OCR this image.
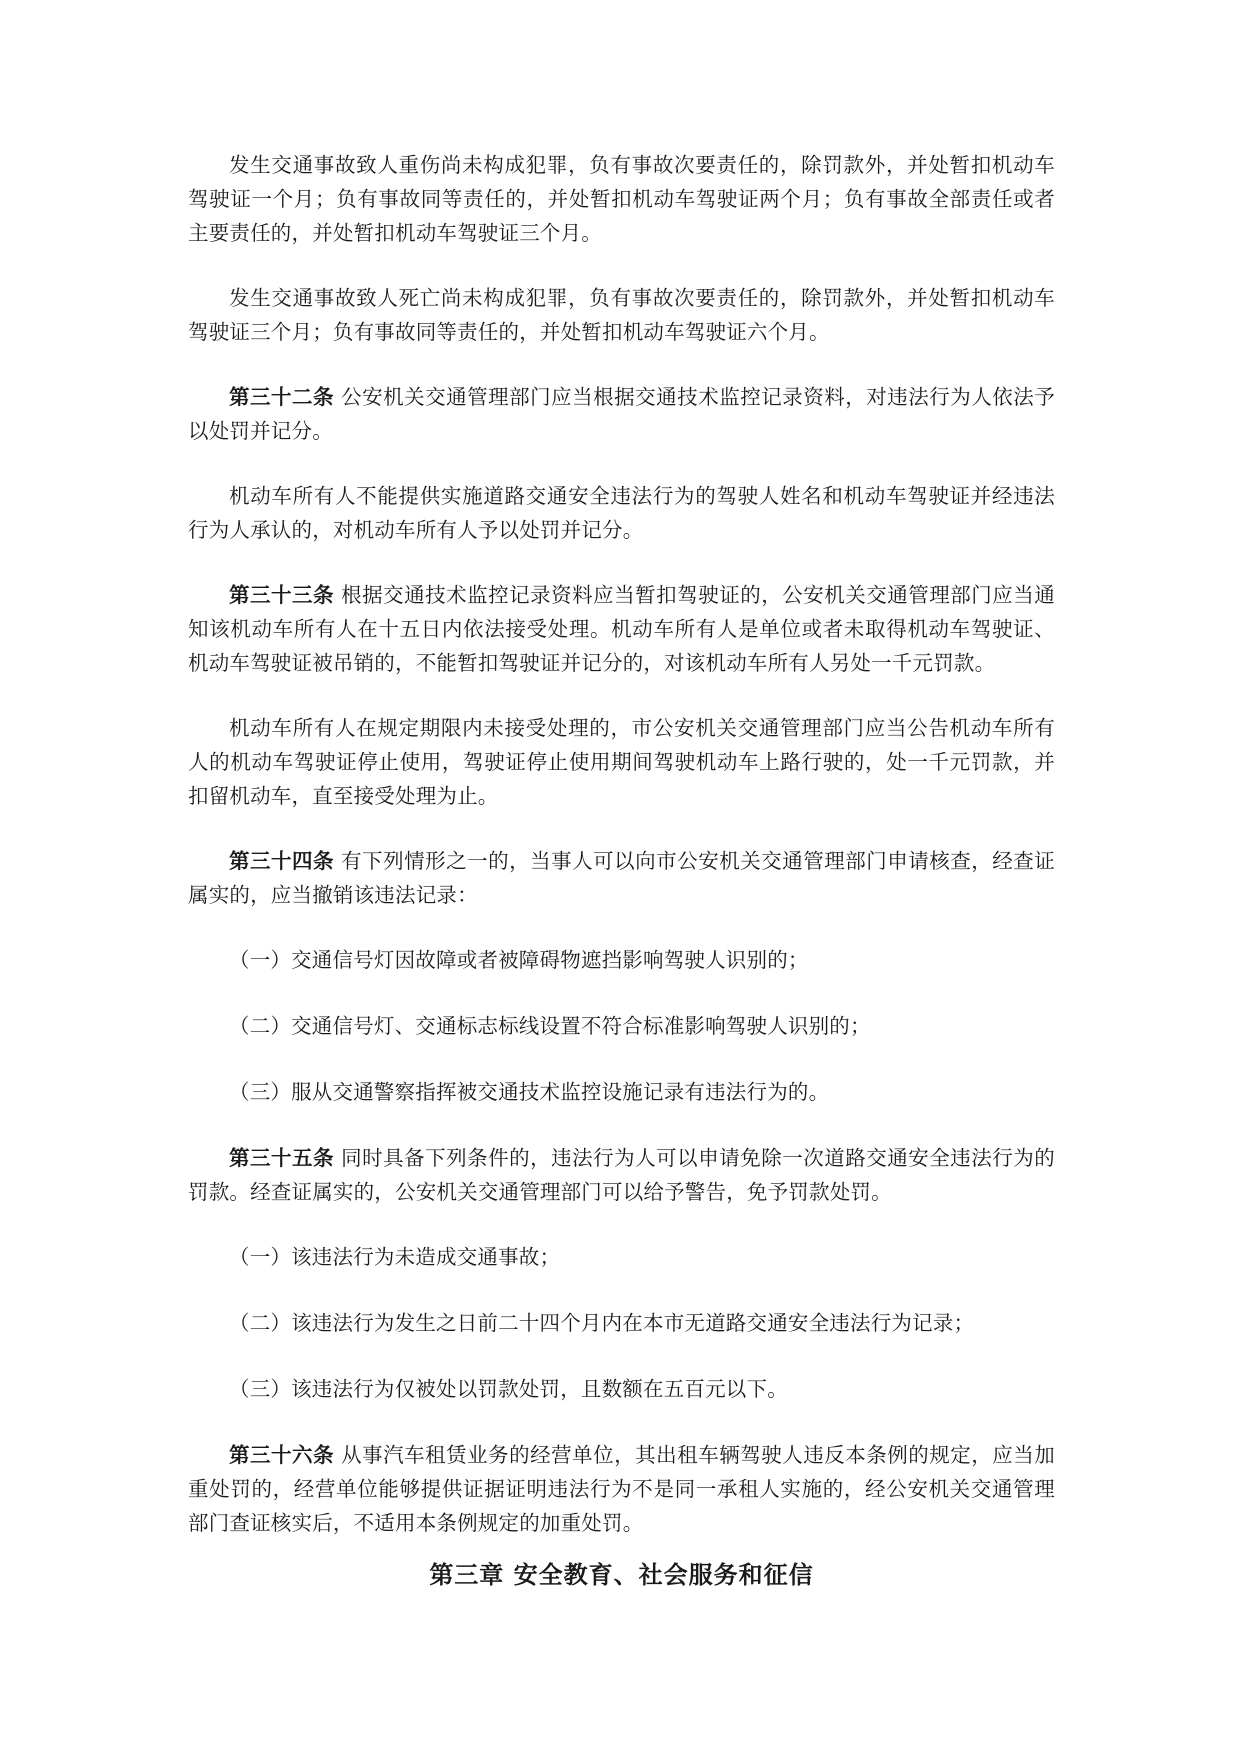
发生交通事故致人重伤尚未构成犯罪，负有事故次要责任的，除罚款外，并处暂扣机动车驾驶证一个月；负有事故同等责任的，并处暂扣机动车驾驶证两个月；负有事故全部责任或者主要责任的，并处暂扣机动车驾驶证三个月。

发生交通事故致人死亡尚未构成犯罪，负有事故次要责任的，除罚款外，并处暂扣机动车驾驶证三个月；负有事故同等责任的，并处暂扣机动车驾驶证六个月。

第三十二条 公安机关交通管理部门应当根据交通技术监控记录资料，对违法行为人依法予以处罚并记分。

机动车所有人不能提供实施道路交通安全违法行为的驾驶人姓名和机动车驾驶证并经违法行为人承认的，对机动车所有人予以处罚并记分。

第三十三条 根据交通技术监控记录资料应当暂扣驾驶证的，公安机关交通管理部门应当通知该机动车所有人在十五日内依法接受处理。机动车所有人是单位或者未取得机动车驾驶证、机动车驾驶证被吊销的，不能暂扣驾驶证并记分的，对该机动车所有人另处一千元罚款。

机动车所有人在规定期限内未接受处理的，市公安机关交通管理部门应当公告机动车所有人的机动车驾驶证停止使用，驾驶证停止使用期间驾驶机动车上路行驶的，处一千元罚款，并扣留机动车，直至接受处理为止。

第三十四条 有下列情形之一的，当事人可以向市公安机关交通管理部门申请核查，经查证属实的，应当撤销该违法记录：

（一）交通信号灯因故障或者被障碍物遮挡影响驾驶人识别的；

（二）交通信号灯、交通标志标线设置不符合标准影响驾驶人识别的；

（三）服从交通警察指挥被交通技术监控设施记录有违法行为的。

第三十五条 同时具备下列条件的，违法行为人可以申请免除一次道路交通安全违法行为的罚款。经查证属实的，公安机关交通管理部门可以给予警告，免予罚款处罚。

（一）该违法行为未造成交通事故；

（二）该违法行为发生之日前二十四个月内在本市无道路交通安全违法行为记录；

（三）该违法行为仅被处以罚款处罚，且数额在五百元以下。

第三十六条 从事汽车租赁业务的经营单位，其出租车辆驾驶人违反本条例的规定，应当加重处罚的，经营单位能够提供证据证明违法行为不是同一承租人实施的，经公安机关交通管理部门查证核实后，不适用本条例规定的加重处罚。

第三章 安全教育、社会服务和征信
